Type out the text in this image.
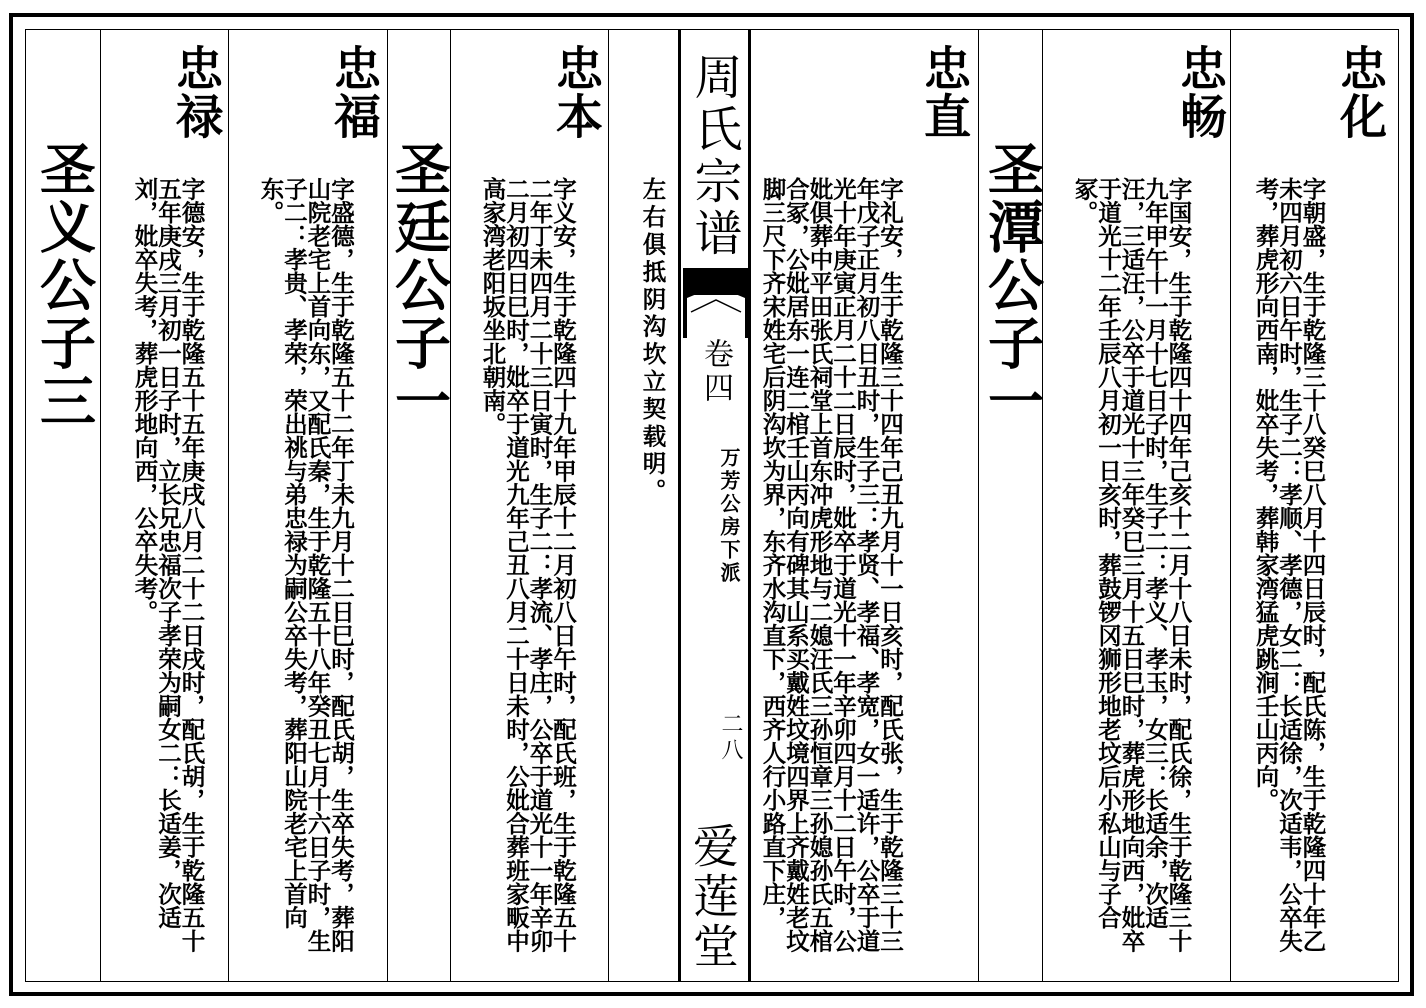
周氏宗谱
卷四
万芳公房下派
二八
爱莲堂
忠化
字朝盛，生于乾隆三十八癸巳八月十四日辰时，配氏陈，生于乾隆四十年乙未四月初六日午时，生子二：孝顺、孝德，女二：长适徐，次适韦，公卒失考，葬虎形向西南，妣卒失考，葬韩家湾猛虎跳涧壬山丙向。
忠畅
字国安，生于乾隆四十四年己亥十二月十八日未时，配氏徐，生于乾隆三十九年甲午十一月十七日子时，生子二：孝义、孝玉，女三：长适余，次适汪，三适汪，公卒于道光十三年癸巳三月十五日巳时，葬虎形地向西，妣卒于道光十二年壬辰八月初一日亥时，葬鼓锣冈狮形地老坟后小私山与子合冢。
圣潭公子一
忠直
字礼安，生于乾隆三十四年己丑九月十一日亥时，配氏张，生于乾隆三十三年戊子正月初八日丑时，生子三：孝贤、孝福、孝宽，女一适许，公卒于道光十年庚寅正月二十二日辰时，妣卒于道光十一年辛卯四月十二日午时，公妣俱葬中平田张氏祠堂上首东冲虎形地与二媳汪氏三孙恒章三孙媳孙氏五棺合冢，公妣居东一连二棺壬山丙向有碑其山系买戴姓坟境四界上齐戴姓老坟脚三尺下齐宋姓宅后阴沟坎为界，东齐水沟直下，西齐人行小路直下庄，
左右俱抵阴沟坎立契载明。
忠本
字义安，生于乾隆四十九年甲辰十二月初八日午时，配氏班，生于乾隆五十二年丁未四月二十三日寅时，生子二：孝流、孝庄，公卒于道光十一年辛卯二月初四日巳时，妣卒于道光九年己丑八月二十日未时，公妣合葬班家畈中高家湾老阳坂坐北朝南。
圣廷公子一
忠福
字盛德，生于乾隆五十二年丁未九月十二日巳时，配氏胡，生卒失考，葬阳山院老宅上首向东，又配氏秦，生于乾隆五十八年癸丑七月十六日子时，生子二：孝贵、孝荣，荣出祧与弟忠禄为嗣公卒失考，葬阳山院老宅上首向东。
忠禄
字德安，生于乾隆五十五年庚戌八月二十二日戌时，配氏胡，生于乾隆五十五年庚戌三月初一日子时，立长兄忠福次子孝荣为嗣女二：长适姜，次适刘，妣卒失考，葬虎形地向西，公卒失考。
圣义公子三
